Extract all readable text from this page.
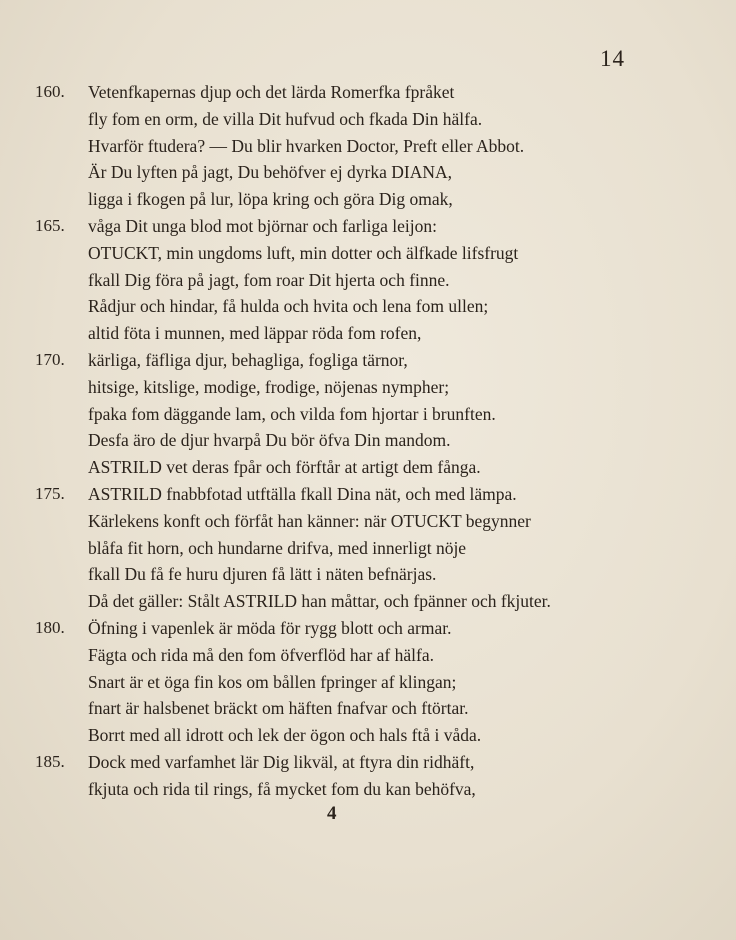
14
160.	Vetenfkapernas djup och det lärda Romerfka fpråket
fly fom en orm, de villa Dit hufvud och fkada Din hälfa.
Hvarför ftudera? — Du blir hvarken Doctor, Preft eller Abbot.
Är Du lyften på jagt, Du behöfver ej dyrka DIANA,
ligga i fkogen på lur, löpa kring och göra Dig omak,
165.	våga Dit unga blod mot björnar och farliga leijon:
OTUCKT, min ungdoms luft, min dotter och älfkade lifsfrugt
fkall Dig föra på jagt, fom roar Dit hjerta och finne.
Rådjur och hindar, få hulda och hvita och lena fom ullen;
altid föta i munnen, med läppar röda fom rofen,
170.	kärliga, fäfliga djur, behagliga, fogliga tärnor,
hitsige, kitslige, modige, frodige, nöjenas nympher;
fpaka fom däggande lam, och vilda fom hjortar i brunften.
Desfa äro de djur hvarpå Du bör öfva Din mandom.
ASTRILD vet deras fpår och förftår at artigt dem fånga.
175.	ASTRILD fnabbfotad utftälla fkall Dina nät, och med lämpa.
Kärlekens konft och förfåt han känner: när OTUCKT begynner
blåfa fit horn, och hundarne drifva, med innerligt nöje
fkall Du få fe huru djuren få lätt i näten befnärjas.
Då det gäller: Stålt ASTRILD han måttar, och fpänner och fkjuter.
180.	Öfning i vapenlek är möda för rygg blott och armar.
Fägta och rida må den fom öfverflöd har af hälfa.
Snart är et öga fin kos om bållen fpringer af klingan;
fnart är halsbenet bräckt om häften fnafvar och ftörtar.
Borrt med all idrott och lek der ögon och hals ftå i våda.
185.	Dock med varfamhet lär Dig likväl, at ftyra din ridhäft,
fkjuta och rida til rings, få mycket fom du kan behöfva,
4
